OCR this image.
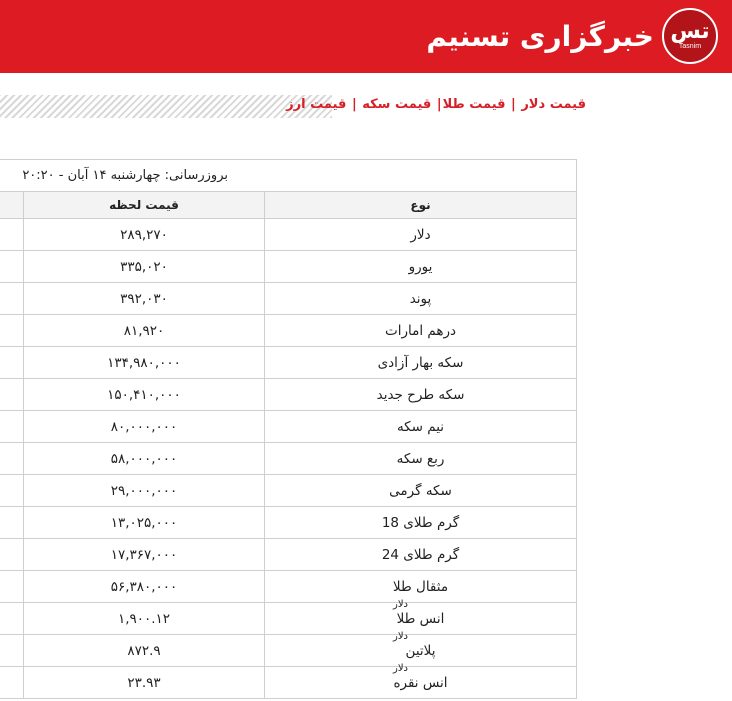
تس
Tasnim
خبرگزاری تسنیم
قیمت دلار | قیمت طلا| قیمت سکه | قیمت ارز
بروزرسانی: چهارشنبه ۱۴ آبان - ۲۰:۲۰
نوع
قیمت لحظه
دلار
۲۸۹,۲۷۰
یورو
۳۳۵,۰۲۰
پوند
۳۹۲,۰۳۰
درهم امارات
۸۱,۹۲۰
سکه بهار آزادی
۱۳۴,۹۸۰,۰۰۰
سکه طرح جدید
۱۵۰,۴۱۰,۰۰۰
نیم سکه
۸۰,۰۰۰,۰۰۰
ربع سکه
۵۸,۰۰۰,۰۰۰
سکه گرمی
۲۹,۰۰۰,۰۰۰
گرم طلای 18
۱۳,۰۲۵,۰۰۰
گرم طلای 24
۱۷,۳۶۷,۰۰۰
مثقال طلا
۵۶,۳۸۰,۰۰۰
انس طلا
دلار
۱,۹۰۰.۱۲
پلاتین
دلار
۸۷۲.۹
انس نقره
دلار
۲۳.۹۳
